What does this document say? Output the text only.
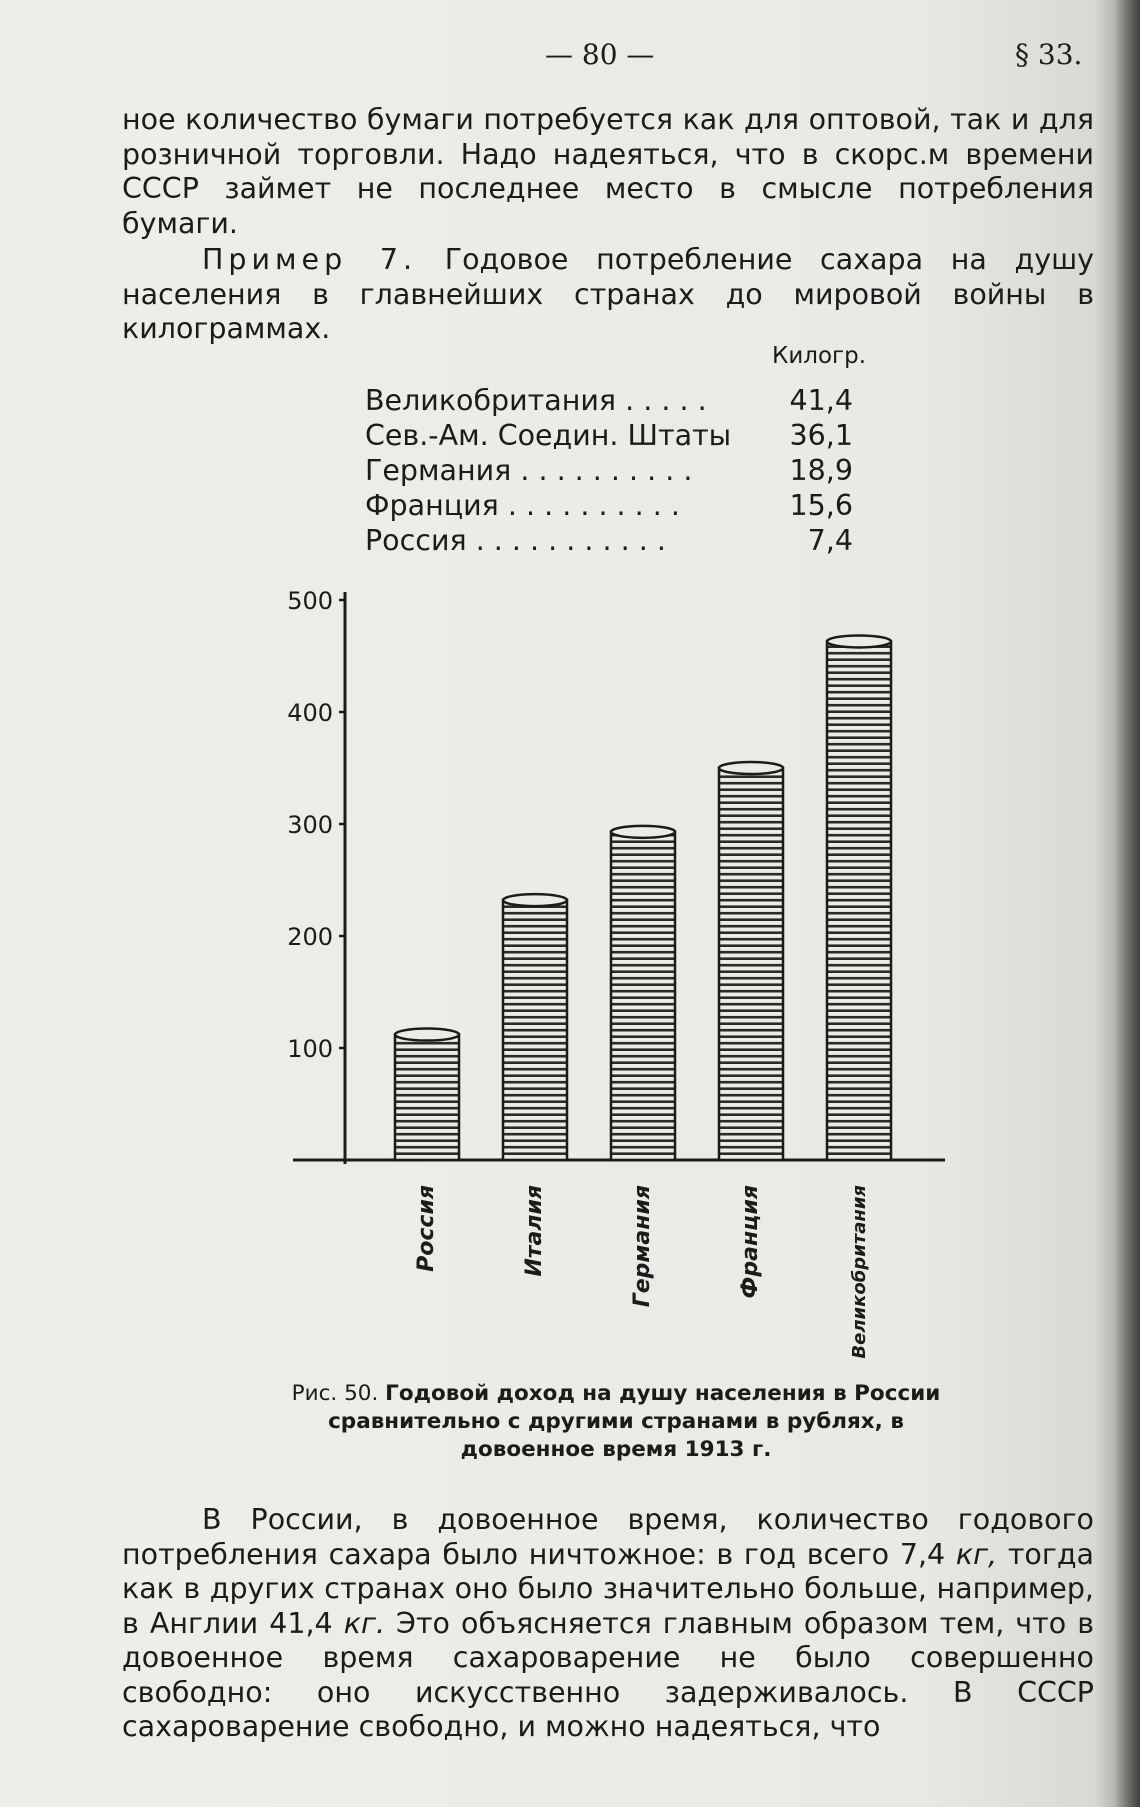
— 80 —	§ 33.
ное количество бумаги потребуется как для оптовой, так и для розничной торговли. Надо надеяться, что в скорс.м времени СССР займет не последнее место в смысле потребления бумаги.
Пример 7. Годовое потребление сахара на душу населения в главнейших странах до мировой войны в килограммах.
Килогр.
Великобритания . . . . .	41,4
Сев.-Ам. Соедин. Штаты 36,1
Германия . . . . . . . . . .	18,9
Франция . . . . . . . . . .	15,6
Россия . . . . . . . . . . .	7,4
100
200
300
400
500
Россия	Италия	Германия	Франция	Великобритания
Рис. 50. Годовой доход на душу населения в России сравнительно с другими странами в рублях, в довоенное время 1913 г.
В России, в довоенное время, количество годового потребления сахара было ничтожное: в год всего 7,4 кг, тогда как в других странах оно было значительно больше, например, в Англии 41,4 кг. Это объясняется главным образом тем, что в довоенное время сахароварение не было совершенно свободно: оно искусственно задерживалось. В СССР сахароварение свободно, и можно надеяться, что
